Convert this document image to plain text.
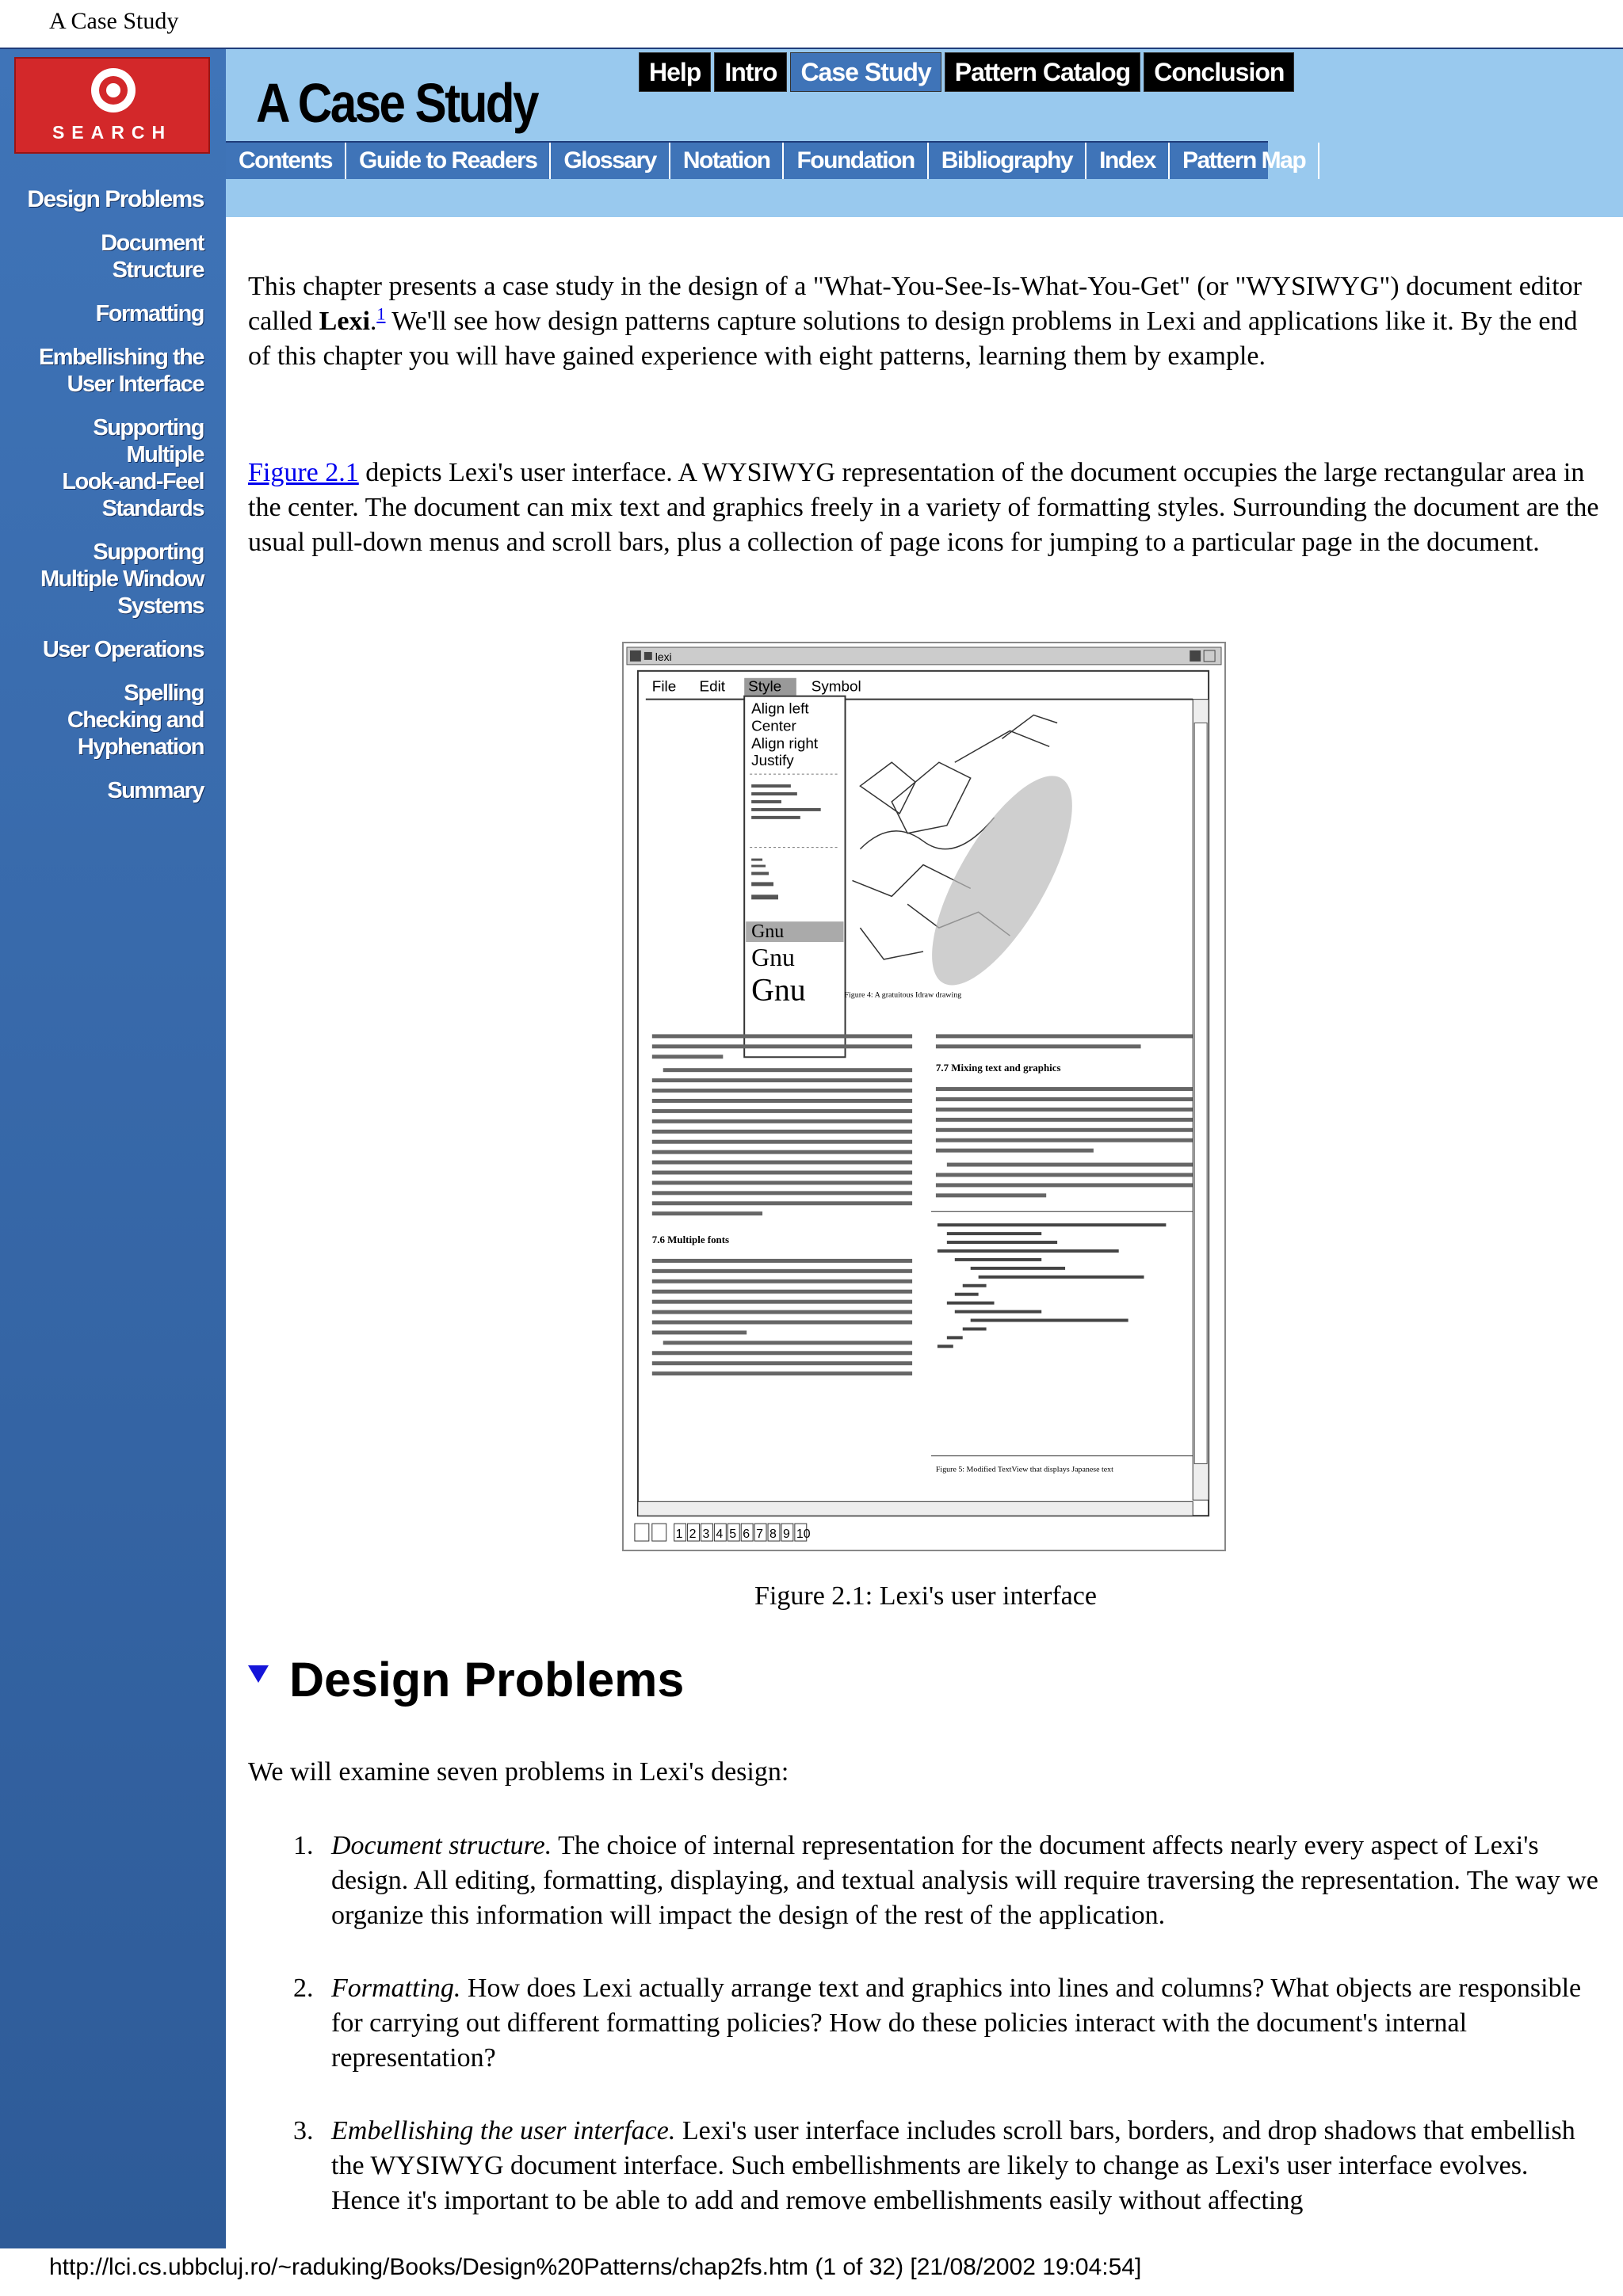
A Case Study
SEARCH
Design Problems
Document
Structure
Formatting
Embellishing the
User Interface
Supporting
Multiple
Look-and-Feel
Standards
Supporting
Multiple Window
Systems
User Operations
Spelling
Checking and
Hyphenation
Summary
A Case Study	Help Intro Case Study Pattern Catalog Conclusion
Contents	Guide to Readers	Glossary	Notation	Foundation	Bibliography	Index	Pattern Map

This chapter presents a case study in the design of a "What-You-See-Is-What-You-Get" (or "WYSIWYG") document editor called Lexi.$^1$ We'll see how design patterns capture solutions to design problems in Lexi and applications like it. By the end of this chapter you will have gained experience with eight patterns, learning them by example.

Figure 2.1 depicts Lexi's user interface. A WYSIWYG representation of the document occupies the large rectangular area in the center. The document can mix text and graphics freely in a variety of formatting styles. Surrounding the document are the usual pull-down menus and scroll bars, plus a collection of page icons for jumping to a particular page in the document.

lexi
File Edit Style Symbol
Align left
Center
Align right
Justify
Gnu
Gnu
Gnu	Figure 4: A gratuitous Idraw drawing
7.6 Multiple fonts
7.7 Mixing text and graphics
Figure 5: Modified TextView that displays Japanese text
1 2 3 4 5 6 7 8 9 10
Figure 2.1: Lexi's user interface
Design Problems
We will examine seven problems in Lexi's design:
1. Document structure. The choice of internal representation for the document affects nearly every aspect of Lexi's design. All editing, formatting, displaying, and textual analysis will require traversing the representation. The way we organize this information will impact the design of the rest of the application.
2. Formatting. How does Lexi actually arrange text and graphics into lines and columns? What objects are responsible for carrying out different formatting policies? How do these policies interact with the document's internal representation?
3. Embellishing the user interface. Lexi's user interface includes scroll bars, borders, and drop shadows that embellish the WYSIWYG document interface. Such embellishments are likely to change as Lexi's user interface evolves. Hence it's important to be able to add and remove embellishments easily without affecting
http://lci.cs.ubbcluj.ro/~raduking/Books/Design%20Patterns/chap2fs.htm (1 of 32) [21/08/2002 19:04:54]
